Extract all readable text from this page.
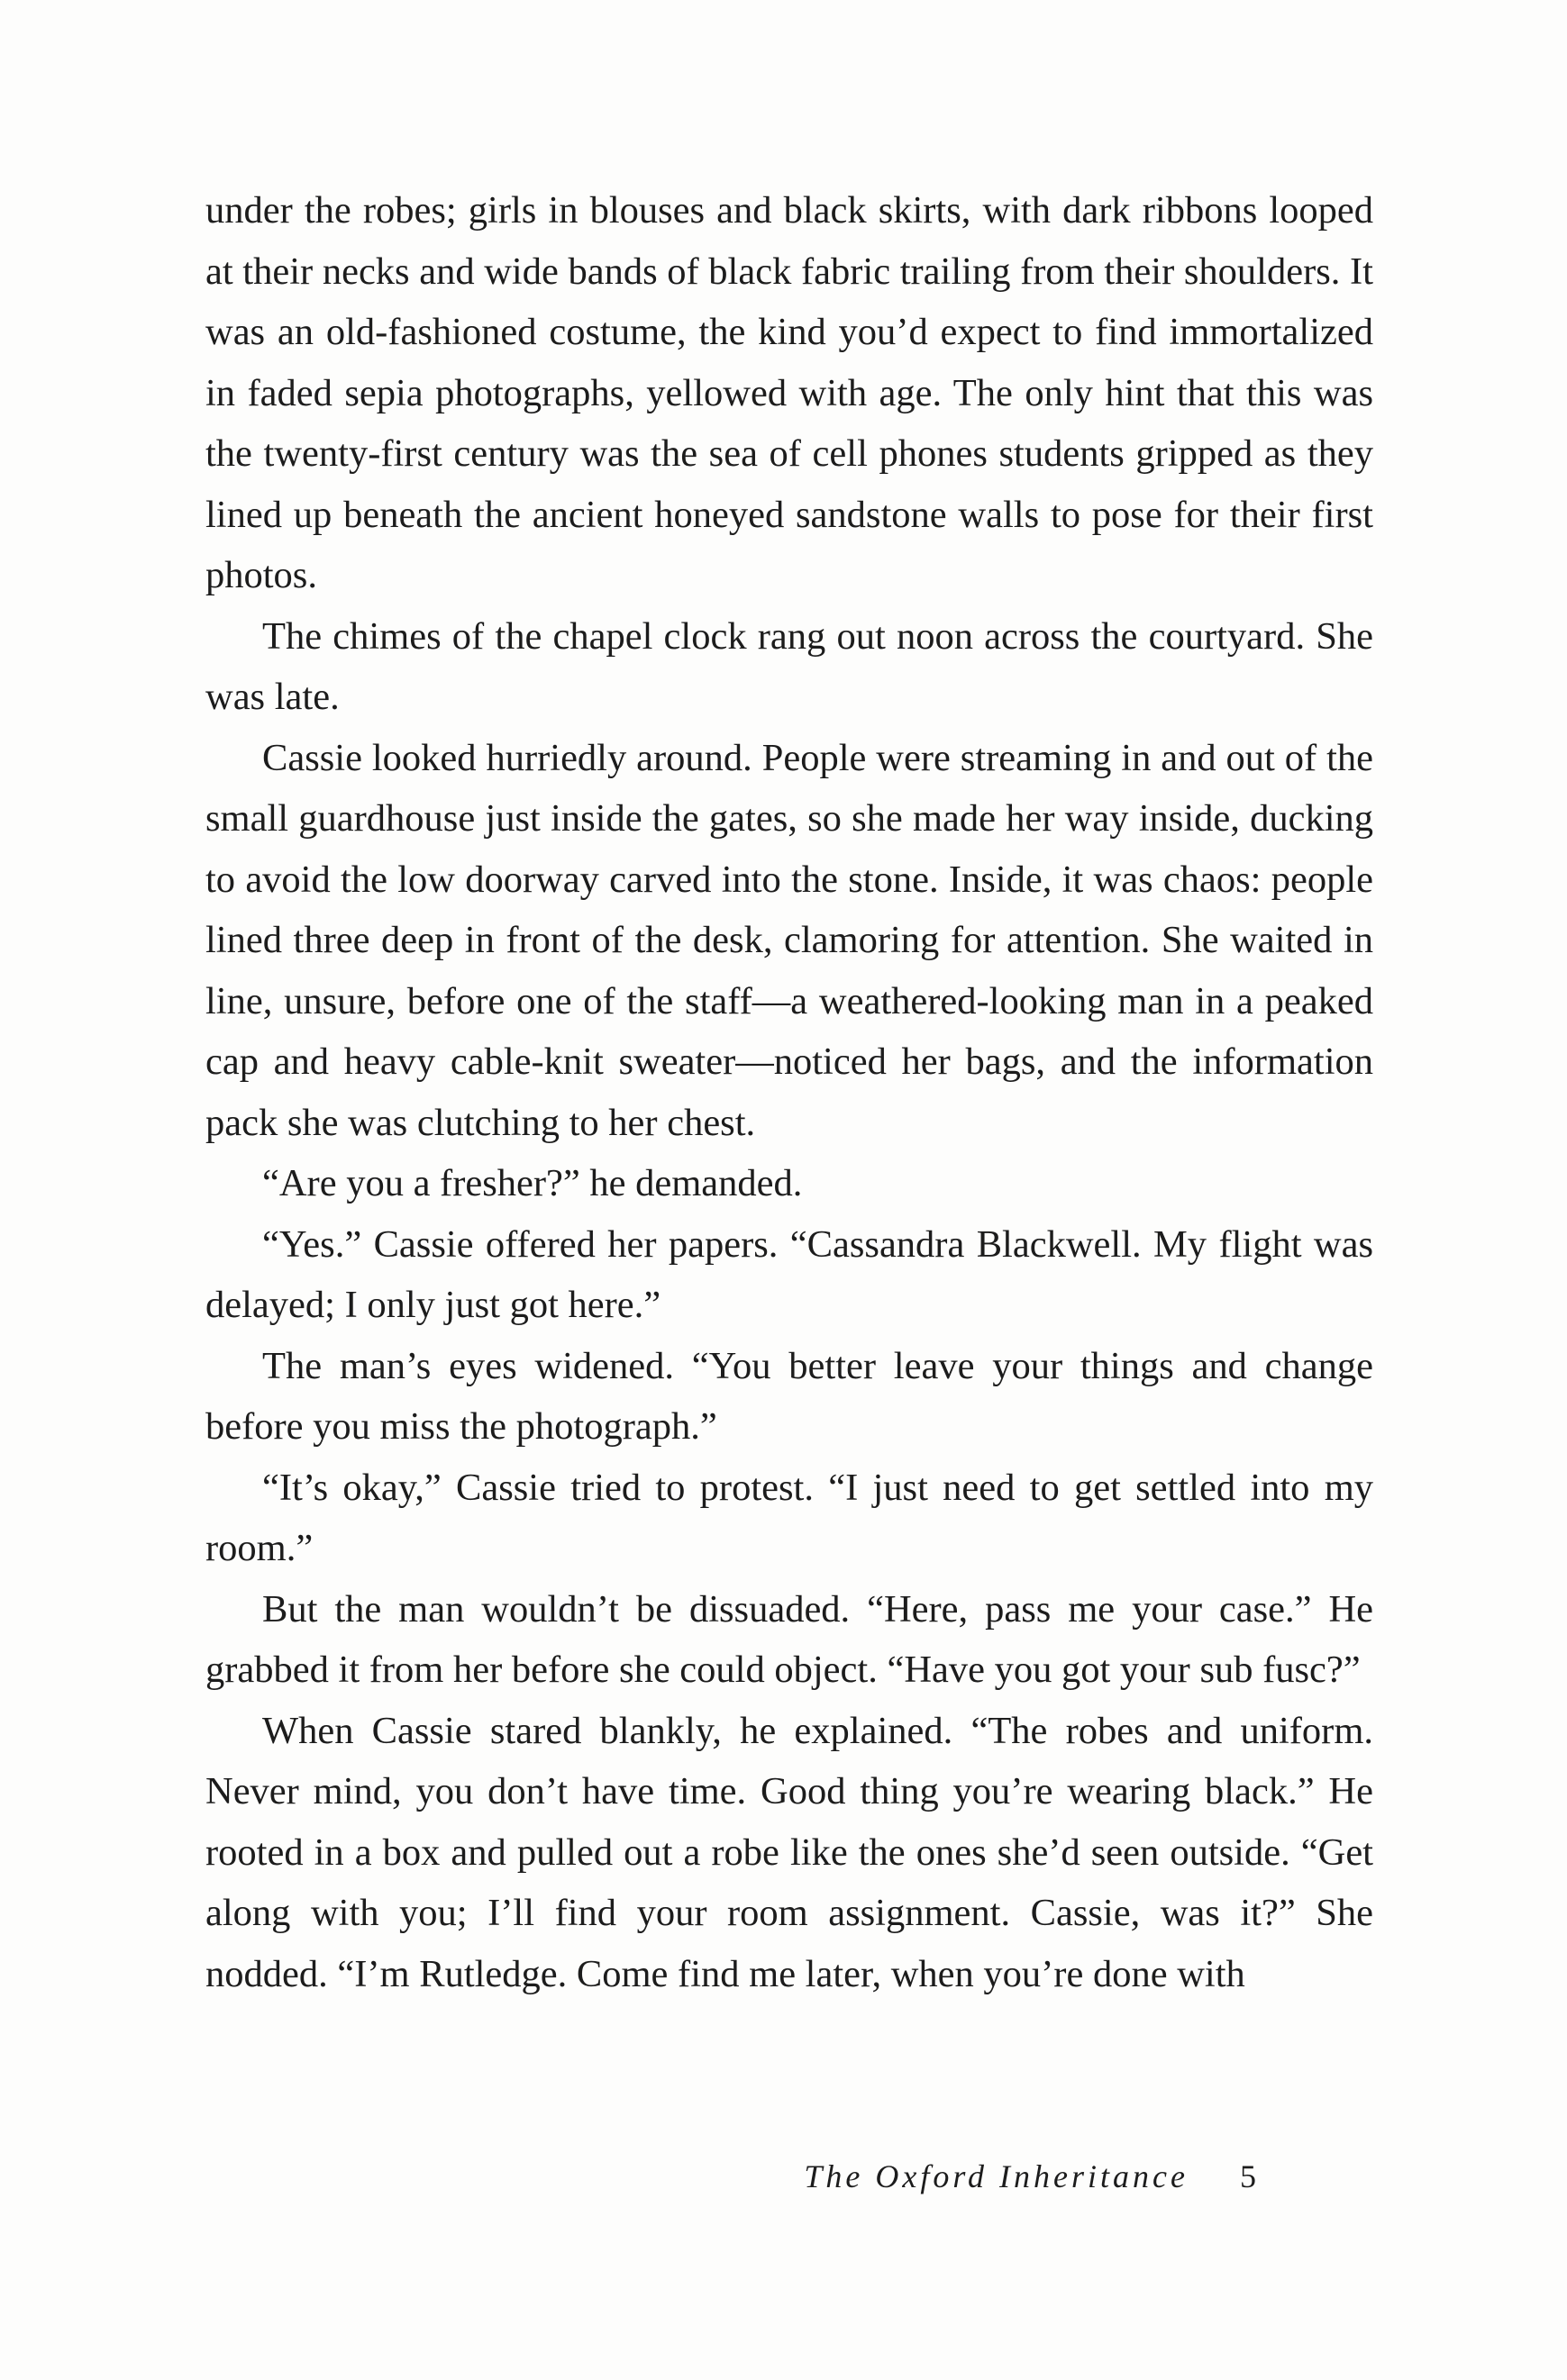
under the robes; girls in blouses and black skirts, with dark ribbons looped at their necks and wide bands of black fabric trailing from their shoulders. It was an old-fashioned costume, the kind you’d expect to find immortalized in faded sepia photographs, yellowed with age. The only hint that this was the twenty-first century was the sea of cell phones students gripped as they lined up beneath the ancient honeyed sandstone walls to pose for their first photos.

The chimes of the chapel clock rang out noon across the courtyard. She was late.

Cassie looked hurriedly around. People were streaming in and out of the small guardhouse just inside the gates, so she made her way inside, ducking to avoid the low doorway carved into the stone. Inside, it was chaos: people lined three deep in front of the desk, clamoring for attention. She waited in line, unsure, before one of the staff—a weathered-looking man in a peaked cap and heavy cable-knit sweater—noticed her bags, and the information pack she was clutching to her chest.

“Are you a fresher?” he demanded.

“Yes.” Cassie offered her papers. “Cassandra Blackwell. My flight was delayed; I only just got here.”

The man’s eyes widened. “You better leave your things and change before you miss the photograph.”

“It’s okay,” Cassie tried to protest. “I just need to get settled into my room.”

But the man wouldn’t be dissuaded. “Here, pass me your case.” He grabbed it from her before she could object. “Have you got your sub fusc?”

When Cassie stared blankly, he explained. “The robes and uniform. Never mind, you don’t have time. Good thing you’re wearing black.” He rooted in a box and pulled out a robe like the ones she’d seen outside. “Get along with you; I’ll find your room assignment. Cassie, was it?” She nodded. “I’m Rutledge. Come find me later, when you’re done with

The Oxford Inheritance 5
